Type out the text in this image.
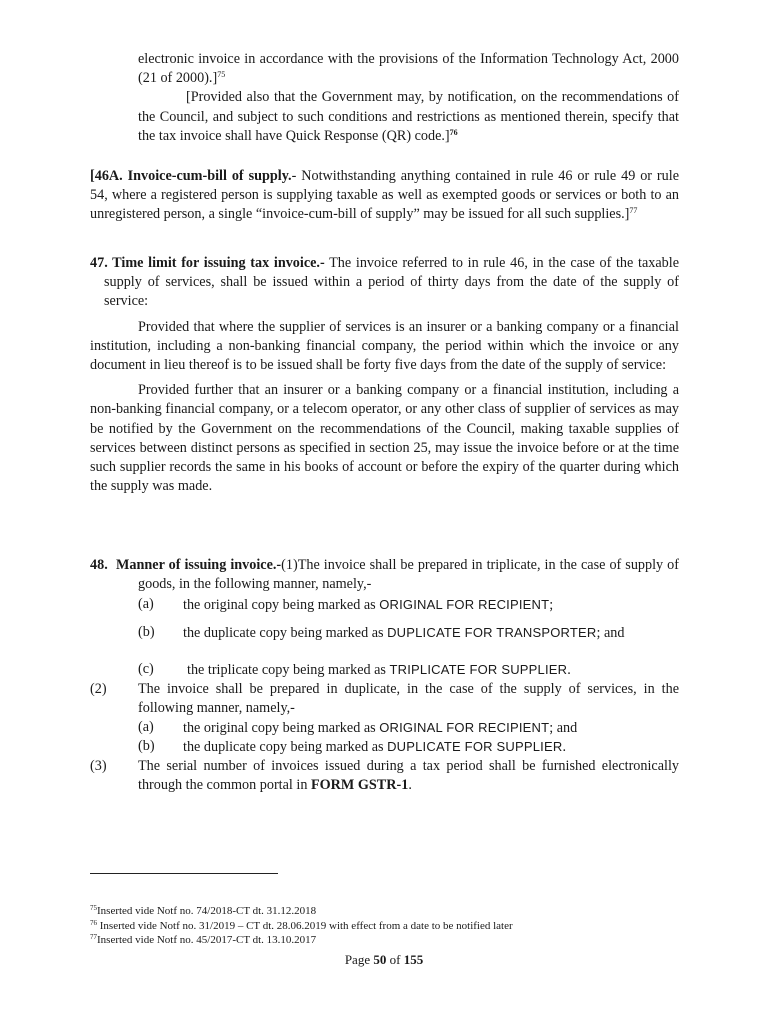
electronic invoice in accordance with the provisions of the Information Technology Act, 2000 (21 of 2000).]$^{75}$

[Provided also that the Government may, by notification, on the recommendations of the Council, and subject to such conditions and restrictions as mentioned therein, specify that the tax invoice shall have Quick Response (QR) code.]$^{76}$

[46A. Invoice-cum-bill of supply.- Notwithstanding anything contained in rule 46 or rule 49 or rule 54, where a registered person is supplying taxable as well as exempted goods or services or both to an unregistered person, a single “invoice-cum-bill of supply” may be issued for all such supplies.]$^{77}$

47. Time limit for issuing tax invoice.- The invoice referred to in rule 46, in the case of the taxable supply of services, shall be issued within a period of thirty days from the date of the supply of service:

Provided that where the supplier of services is an insurer or a banking company or a financial institution, including a non-banking financial company, the period within which the invoice or any document in lieu thereof is to be issued shall be forty five days from the date of the supply of service:

Provided further that an insurer or a banking company or a financial institution, including a non-banking financial company, or a telecom operator, or any other class of supplier of services as may be notified by the Government on the recommendations of the Council, making taxable supplies of services between distinct persons as specified in section 25, may issue the invoice before or at the time such supplier records the same in his books of account or before the expiry of the quarter during which the supply was made.

48. Manner of issuing invoice.-(1)The invoice shall be prepared in triplicate, in the case of supply of goods, in the following manner, namely,-

(a) the original copy being marked as ORIGINAL FOR RECIPIENT;
(b) the duplicate copy being marked as DUPLICATE FOR TRANSPORTER; and
(c) the triplicate copy being marked as TRIPLICATE FOR SUPPLIER.
(2) The invoice shall be prepared in duplicate, in the case of the supply of services, in the following manner, namely,-
(a) the original copy being marked as ORIGINAL FOR RECIPIENT; and
(b) the duplicate copy being marked as DUPLICATE FOR SUPPLIER.
(3) The serial number of invoices issued during a tax period shall be furnished electronically through the common portal in FORM GSTR-1.
$^{75}$Inserted vide Notf no. 74/2018-CT dt. 31.12.2018
$^{76}$ Inserted vide Notf no. 31/2019 – CT dt. 28.06.2019 with effect from a date to be notified later
$^{77}$Inserted vide Notf no. 45/2017-CT dt. 13.10.2017
Page 50 of 155
